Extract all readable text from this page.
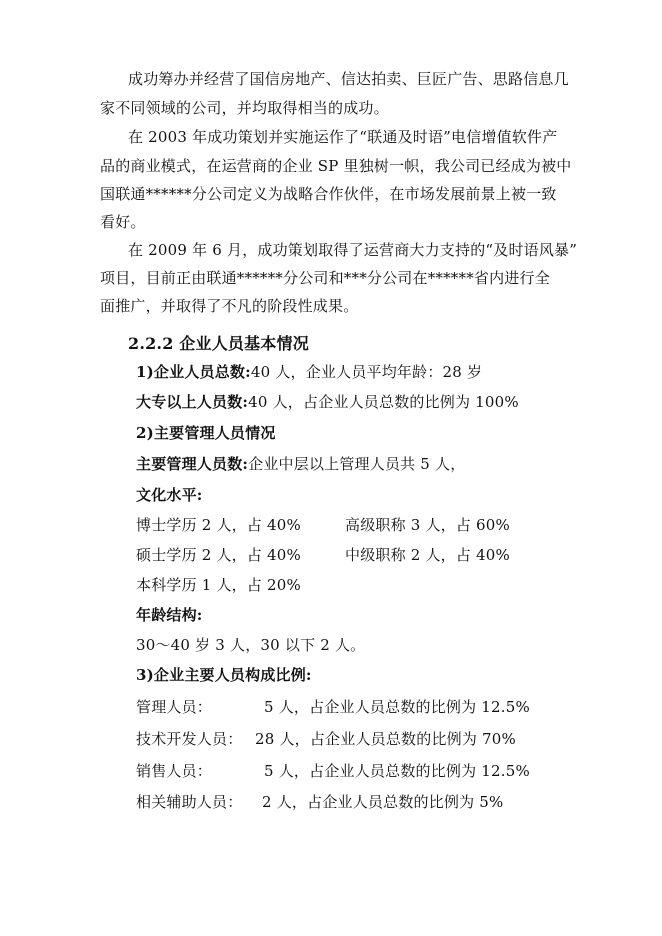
成功筹办并经营了国信房地产、信达拍卖、巨匠广告、思路信息几
家不同领域的公司，并均取得相当的成功。
在 2003 年成功策划并实施运作了“联通及时语”电信增值软件产
品的商业模式，在运营商的企业 SP 里独树一帜，我公司已经成为被中
国联通******分公司定义为战略合作伙伴，在市场发展前景上被一致
看好。
在 2009 年 6 月，成功策划取得了运营商大力支持的“及时语风暴”
项目，目前正由联通******分公司和***分公司在******省内进行全
面推广，并取得了不凡的阶段性成果。
2.2.2 企业人员基本情况
1)企业人员总数:40 人，企业人员平均年龄：28 岁
大专以上人员数:40 人，占企业人员总数的比例为 100%
2)主要管理人员情况
主要管理人员数:企业中层以上管理人员共 5 人，
文化水平:
博士学历 2 人，占 40%	高级职称 3 人，占 60%
硕士学历 2 人，占 40%	中级职称 2 人，占 40%
本科学历 1 人，占 20%
年龄结构:
30～40 岁 3 人，30 以下 2 人。
3)企业主要人员构成比例:
管理人员：	5 人，占企业人员总数的比例为 12.5%
技术开发人员： 28 人，占企业人员总数的比例为 70%
销售人员：	5 人，占企业人员总数的比例为 12.5%
相关辅助人员： 2 人，占企业人员总数的比例为 5%
